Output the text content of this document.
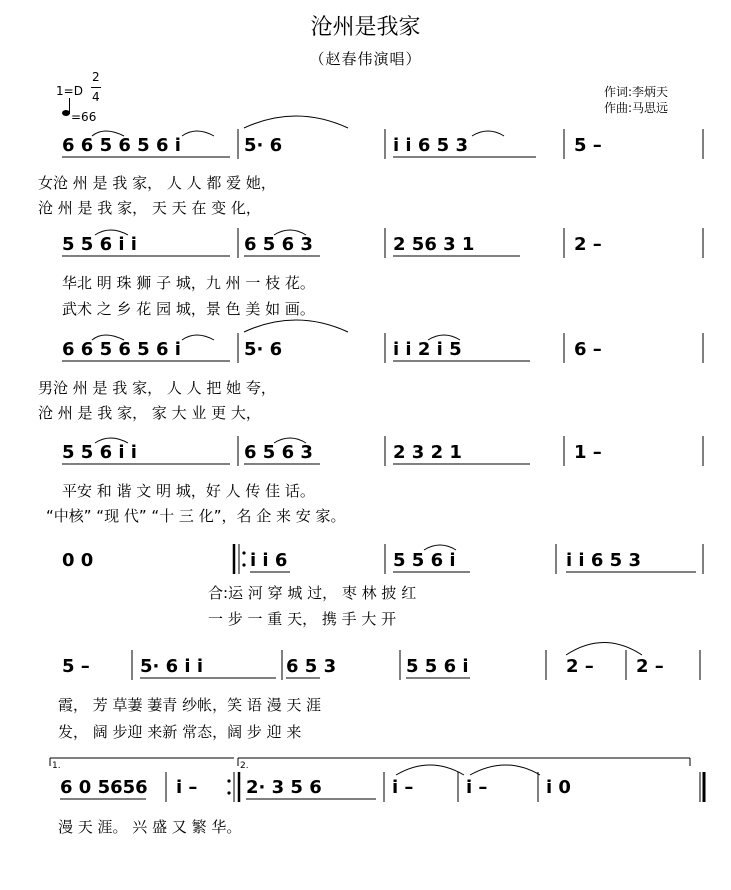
沧州是我家
（赵春伟演唱）
1=D
2
4
=66
作词:李炳天
作曲:马思远
6 6 5 6 5 6 i	5· 6	i i 6 5 3	5 –
女沧 州 是 我 家， 人 人 都 爱 她，
沧 州 是 我 家， 天 天 在 变 化，
5 5 6 i i	6 5 6 3	2 56 3 1	2 –
华北 明 珠 狮 子 城，九 州 一 枝 花。
武术 之 乡 花 园 城，景 色 美 如 画。
6 6 5 6 5 6 i	5· 6	i i 2 i 5	6 –
男沧 州 是 我 家， 人 人 把 她 夸，
沧 州 是 我 家， 家 大 业 更 大，
5 5 6 i i	6 5 6 3	2 3 2 1	1 –
平安 和 谐 文 明 城，好 人 传 佳 话。
“中核” “现 代” “十 三 化”，名 企 来 安 家。
0 0	i i 6	5 5 6 i	i i 6 5 3
合:运 河 穿 城 过， 枣 林 披 红
一 步 一 重 天， 携 手 大 开
5 –	5· 6 i i	6 5 3	5 5 6 i	2 – 2 –
霞， 芳 草萋 萋青 纱帐，笑 语 漫 天 涯
发， 阔 步迎 来新 常态，阔 步 迎 来
1.	2.
6 0 5656 i –	2· 3 5 6	i –	i –	i 0
漫 天 涯。 兴 盛 又 繁 华。
